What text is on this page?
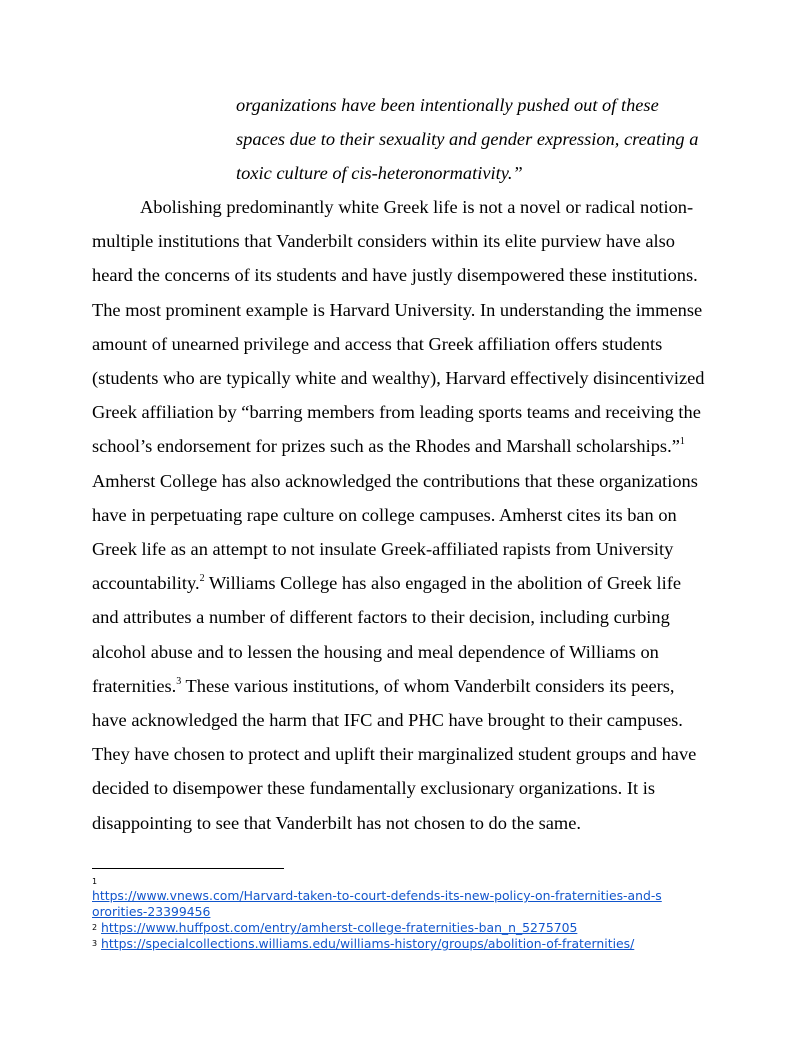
organizations have been intentionally pushed out of these
spaces due to their sexuality and gender expression, creating a
toxic culture of cis-heteronormativity.”
Abolishing predominantly white Greek life is not a novel or radical notion-
multiple institutions that Vanderbilt considers within its elite purview have also
heard the concerns of its students and have justly disempowered these institutions.
The most prominent example is Harvard University. In understanding the immense
amount of unearned privilege and access that Greek affiliation offers students
(students who are typically white and wealthy), Harvard effectively disincentivized
Greek affiliation by “barring members from leading sports teams and receiving the
school’s endorsement for prizes such as the Rhodes and Marshall scholarships.”$^1$
Amherst College has also acknowledged the contributions that these organizations
have in perpetuating rape culture on college campuses. Amherst cites its ban on
Greek life as an attempt to not insulate Greek-affiliated rapists from University
accountability.$^2$ Williams College has also engaged in the abolition of Greek life
and attributes a number of different factors to their decision, including curbing
alcohol abuse and to lessen the housing and meal dependence of Williams on
fraternities.$^3$ These various institutions, of whom Vanderbilt considers its peers,
have acknowledged the harm that IFC and PHC have brought to their campuses.
They have chosen to protect and uplift their marginalized student groups and have
decided to disempower these fundamentally exclusionary organizations. It is
disappointing to see that Vanderbilt has not chosen to do the same.
1
https://www.vnews.com/Harvard-taken-to-court-defends-its-new-policy-on-fraternities-and-s
ororities-23399456
$^2$ https://www.huffpost.com/entry/amherst-college-fraternities-ban_n_5275705
$^3$ https://specialcollections.williams.edu/williams-history/groups/abolition-of-fraternities/
